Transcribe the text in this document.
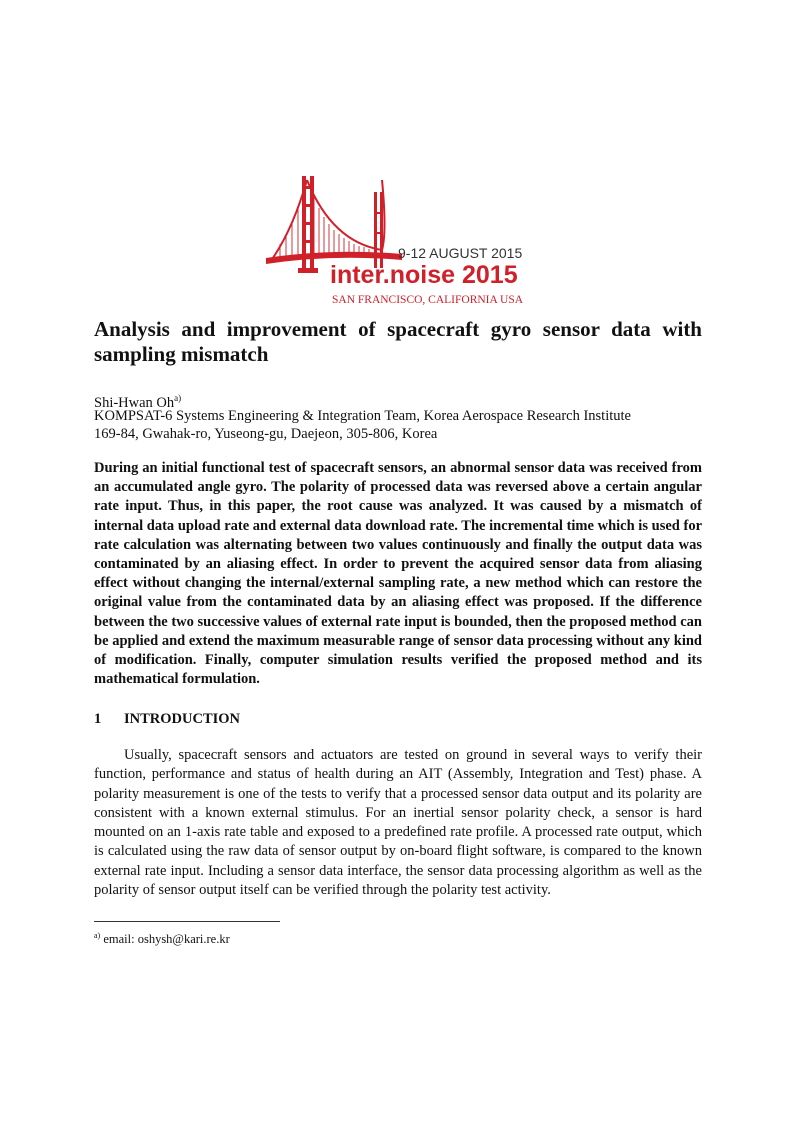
9-12 AUGUST 2015
inter.noise 2015
SAN FRANCISCO, CALIFORNIA USA
Analysis and improvement of spacecraft gyro sensor data with sampling mismatch
Shi-Hwan Oh$^{a)}$
KOMPSAT-6 Systems Engineering & Integration Team, Korea Aerospace Research Institute
169-84, Gwahak-ro, Yuseong-gu, Daejeon, 305-806, Korea

During an initial functional test of spacecraft sensors, an abnormal sensor data was received from an accumulated angle gyro. The polarity of processed data was reversed above a certain angular rate input. Thus, in this paper, the root cause was analyzed. It was caused by a mismatch of internal data upload rate and external data download rate. The incremental time which is used for rate calculation was alternating between two values continuously and finally the output data was contaminated by an aliasing effect. In order to prevent the acquired sensor data from aliasing effect without changing the internal/external sampling rate, a new method which can restore the original value from the contaminated data by an aliasing effect was proposed. If the difference between the two successive values of external rate input is bounded, then the proposed method can be applied and extend the maximum measurable range of sensor data processing without any kind of modification. Finally, computer simulation results verified the proposed method and its mathematical formulation.

1 INTRODUCTION

Usually, spacecraft sensors and actuators are tested on ground in several ways to verify their function, performance and status of health during an AIT (Assembly, Integration and Test) phase. A polarity measurement is one of the tests to verify that a processed sensor data output and its polarity are consistent with a known external stimulus. For an inertial sensor polarity check, a sensor is hard mounted on an 1-axis rate table and exposed to a predefined rate profile. A processed rate output, which is calculated using the raw data of sensor output by on-board flight software, is compared to the known external rate input. Including a sensor data interface, the sensor data processing algorithm as well as the polarity of sensor output itself can be verified through the polarity test activity.

$^{a)}$ email: oshysh@kari.re.kr
